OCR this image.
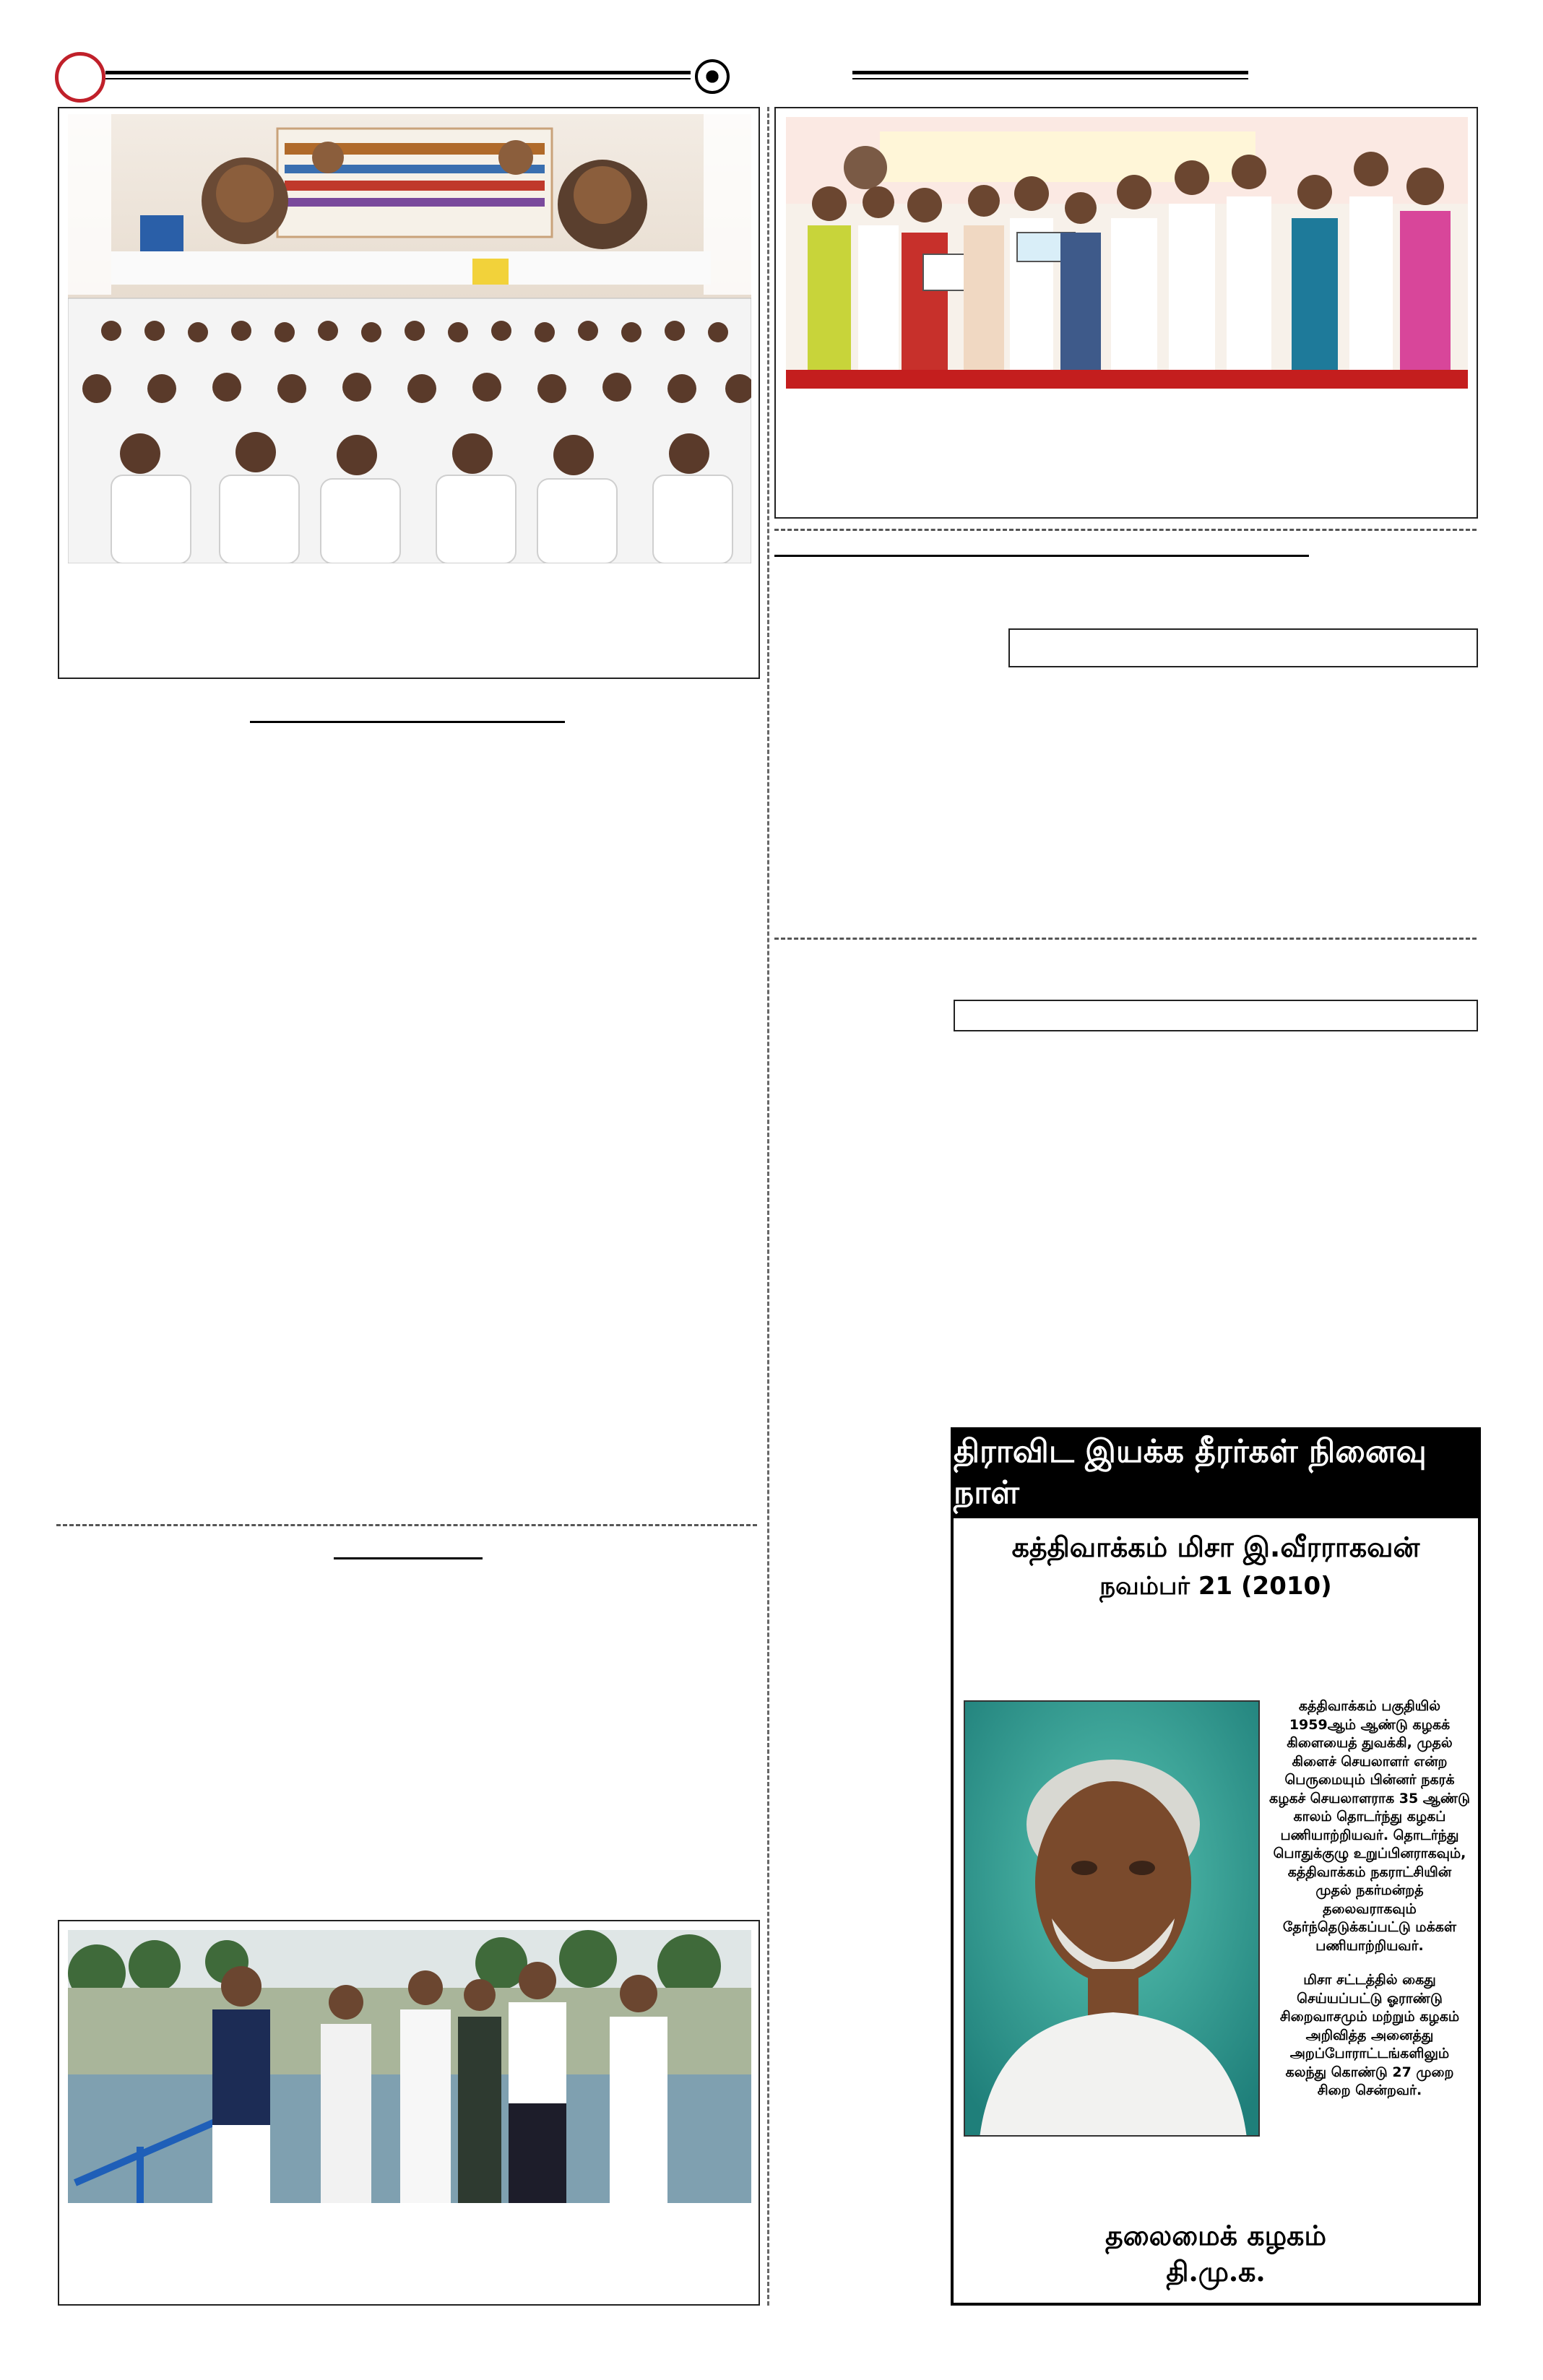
திராவிட இயக்க தீரர்கள் நினைவு நாள்
கத்திவாக்கம் மிசா இ.வீரராகவன்
நவம்பர் 21 (2010)

கத்திவாக்கம் பகுதியில் 1959ஆம் ஆண்டு கழகக் கிளையைத் துவக்கி, முதல் கிளைச் செயலாளர் என்ற பெருமையும் பின்னர் நகரக் கழகச் செயலாளராக 35 ஆண்டு காலம் தொடர்ந்து கழகப் பணியாற்றியவர். தொடர்ந்து பொதுக்குழு உறுப்பினராகவும், கத்திவாக்கம் நகராட்சியின் முதல் நகர்மன்றத் தலைவராகவும் தேர்ந்தெடுக்கப்பட்டு மக்கள் பணியாற்றியவர்.

மிசா சட்டத்தில் கைது செய்யப்பட்டு ஓராண்டு சிறைவாசமும் மற்றும் கழகம் அறிவித்த அனைத்து அறப்போராட்டங்களிலும் கலந்து கொண்டு 27 முறை சிறை சென்றவர்.

தலைமைக் கழகம்
தி.மு.க.
